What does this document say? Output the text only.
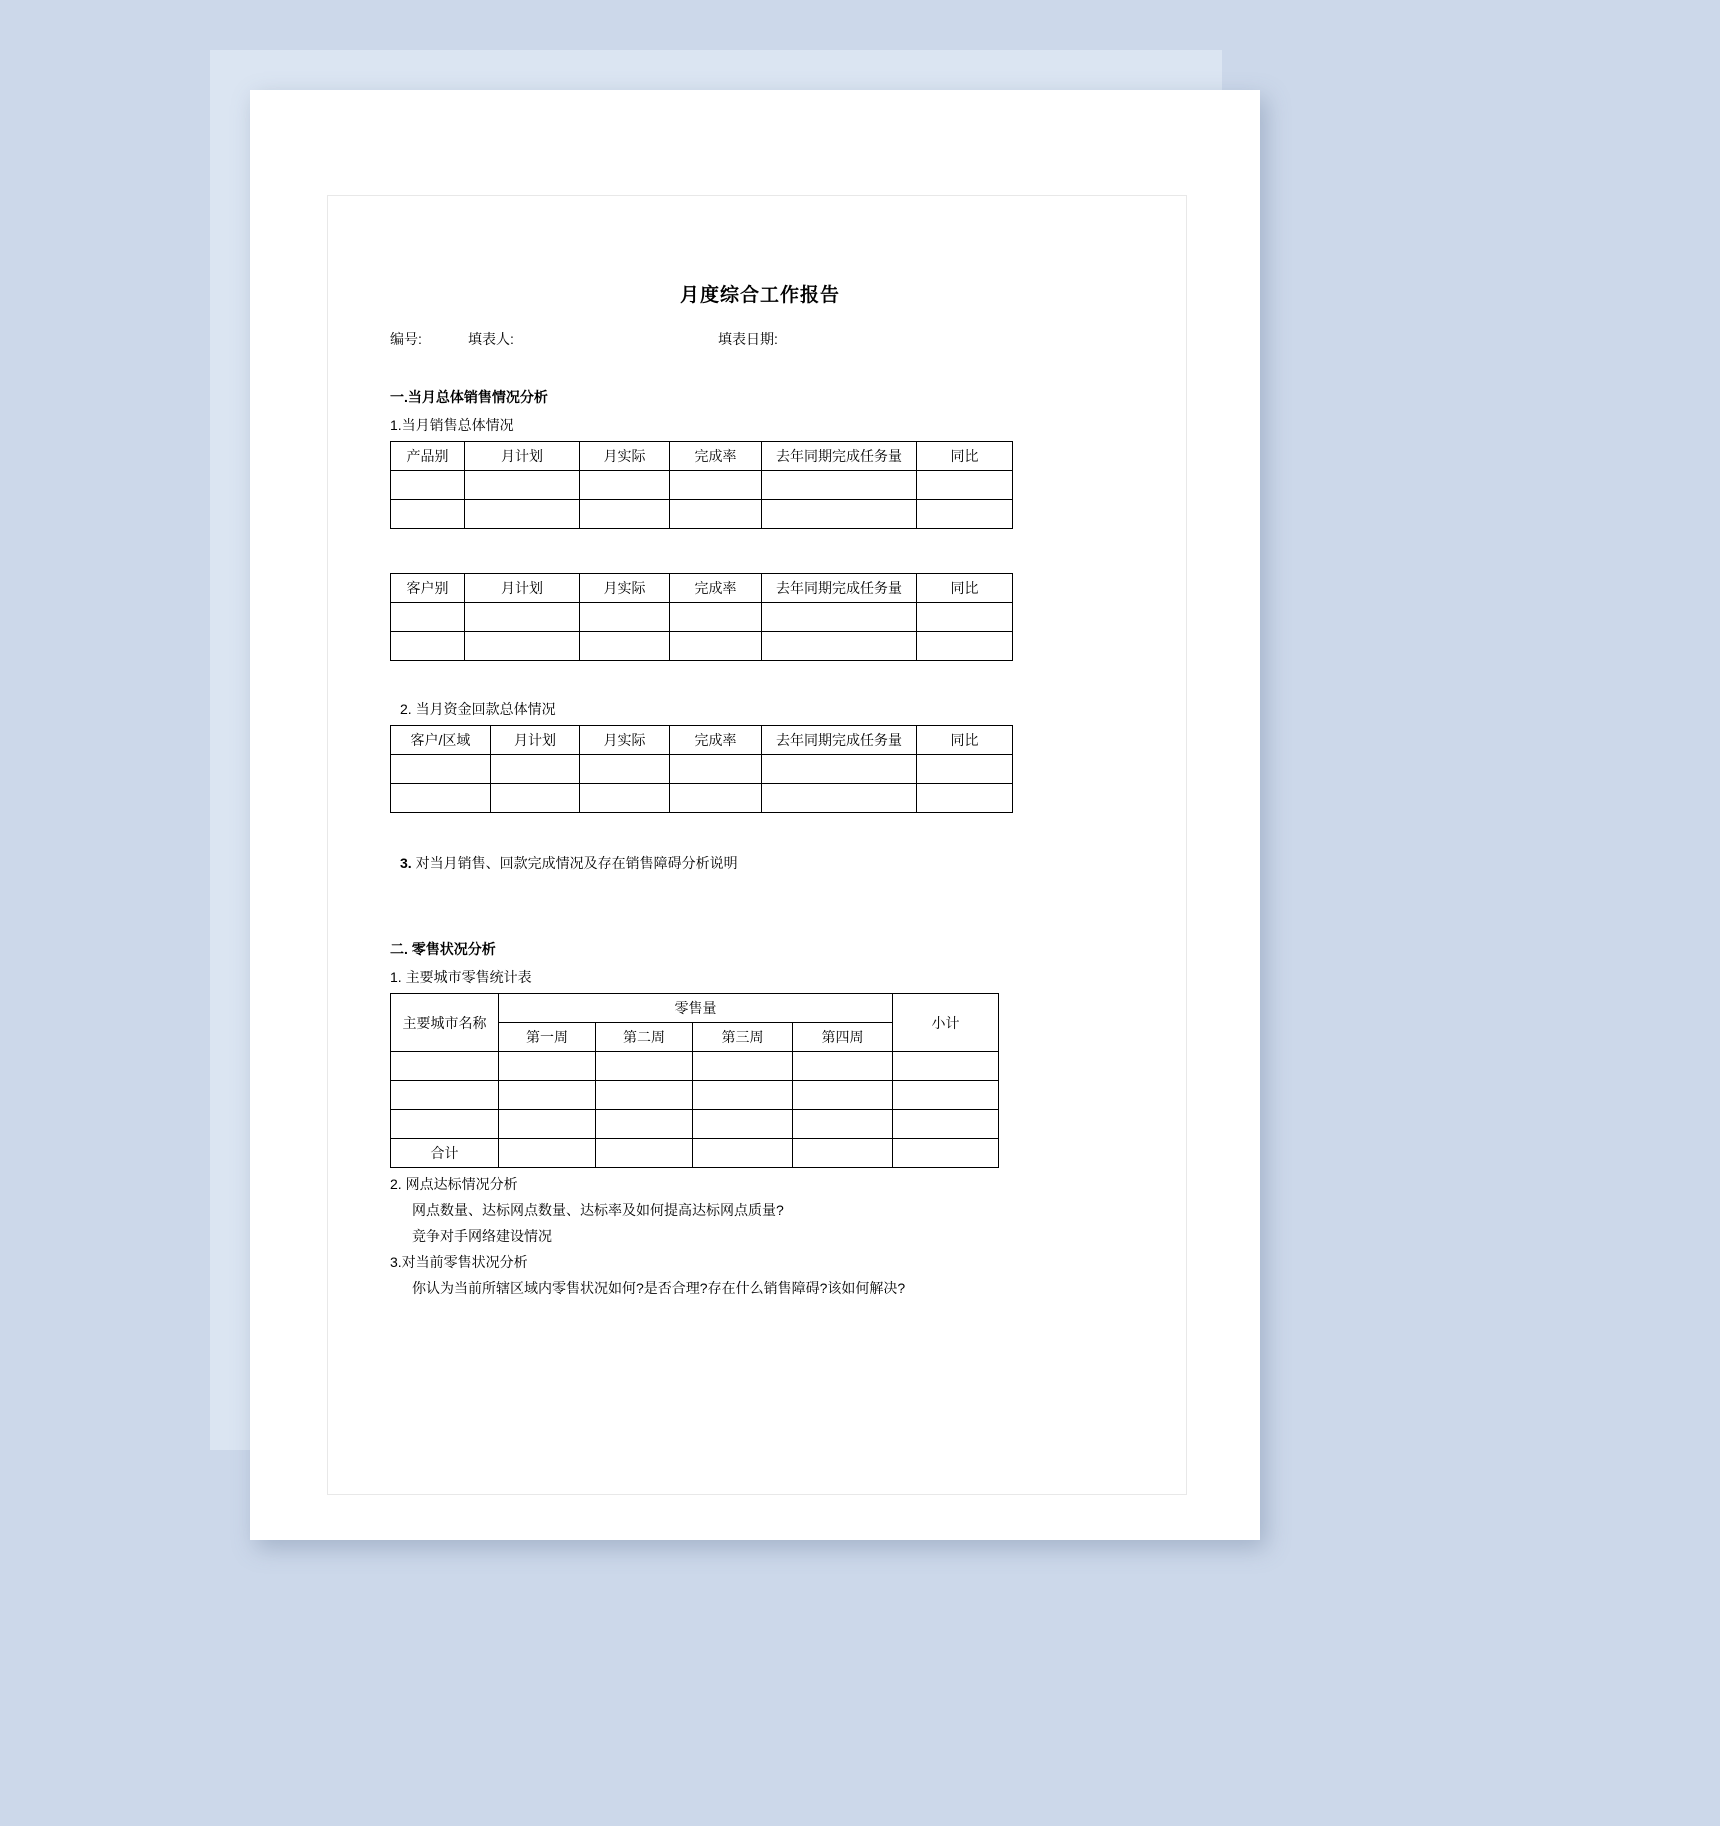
月度综合工作报告
编号:	填表人:	填表日期:
一.当月总体销售情况分析
1.当月销售总体情况
产品别	月计划	月实际	完成率	去年同期完成任务量	同比

客户别	月计划	月实际	完成率	去年同期完成任务量	同比

2. 当月资金回款总体情况
客户/区域	月计划	月实际	完成率	去年同期完成任务量	同比

3. 对当月销售、回款完成情况及存在销售障碍分析说明
二. 零售状况分析
1. 主要城市零售统计表
主要城市名称	零售量				小计
	第一周	第二周	第三周	第四周	

合计					
2. 网点达标情况分析
网点数量、达标网点数量、达标率及如何提高达标网点质量?
竞争对手网络建设情况
3.对当前零售状况分析
你认为当前所辖区域内零售状况如何?是否合理?存在什么销售障碍?该如何解决?
